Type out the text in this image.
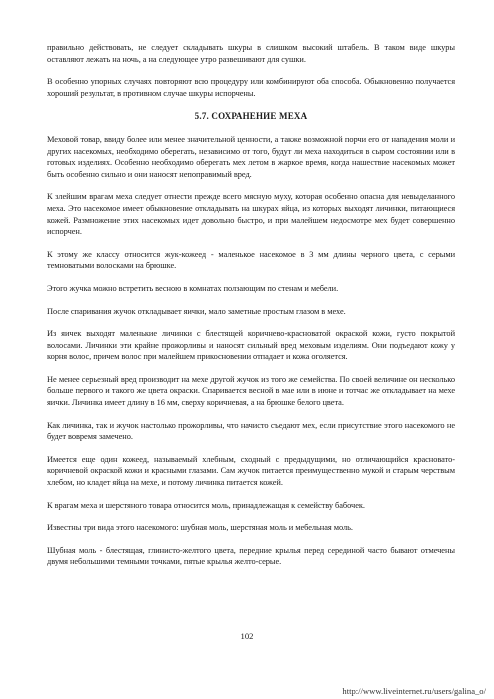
правильно действовать, не следует складывать шкуры в слишком высокий штабель. В таком виде шкуры оставляют лежать на ночь, а на следующее утро развешивают для сушки.

В особенно упорных случаях повторяют всю процедуру или комбинируют оба способа. Обыкновенно получается хороший результат, в противном случае шкуры испорчены.

5.7. СОХРАНЕНИЕ МЕХА

Меховой товар, ввиду более или менее значительной ценности, а также возможной порчи его от нападения моли и других насекомых, необходимо оберегать, независимо от того, будут ли меха находиться в сыром состоянии или в готовых изделиях. Особенно необходимо оберегать мех летом в жаркое время, когда нашествие насекомых может быть особенно сильно и они наносят непоправимый вред.

К злейшим врагам меха следует отнести прежде всего мясную муху, которая особенно опасна для невыделанного меха. Это насекомое имеет обыкновение откладывать на шкурах яйца, из которых выходят личинки, питающиеся кожей. Размножение этих насекомых идет довольно быстро, и при малейшем недосмотре мех будет совершенно испорчен.

К этому же классу относится жук-кожеед - маленькое насекомое в 3 мм длины черного цвета, с серыми темноватыми волосками на брюшке.

Этого жучка можно встретить весною в комнатах ползающим по стенам и мебели.

После спаривания жучок откладывает яички, мало заметные простым глазом в мехе.

Из яичек выходят маленькие личинки с блестящей коричнево-красноватой окраской кожи, густо покрытой волосами. Личинки эти крайне прожорливы и наносят сильный вред меховым изделиям. Они подъедают кожу у корня волос, причем волос при малейшем прикосновении отпадает и кожа оголяется.

Не менее серьезный вред производит на мехе другой жучок из того же семейства. По своей величине он несколько больше первого и такого же цвета окраски. Спаривается весной в мае или в июне и тотчас же откладывает на мехе яички. Личинка имеет длину в 16 мм, сверху коричневая, а на брюшке белого цвета.

Как личинка, так и жучок настолько прожорливы, что начисто съедают мех, если присутствие этого насекомого не будет вовремя замечено.

Имеется еще один кожеед, называемый хлебным, сходный с предыдущими, но отличающийся красновато-коричневой окраской кожи и красными глазами. Сам жучок питается преимущественно мукой и старым черствым хлебом, но кладет яйца на мехе, и потому личинка питается кожей.

К врагам меха и шерстяного товара относится моль, принадлежащая к семейству бабочек.

Известны три вида этого насекомого: шубная моль, шерстяная моль и мебельная моль.

Шубная моль - блестящая, глинисто-желтого цвета, передние крылья перед серединой часто бывают отмечены двумя небольшими темными точками, пятые крылья желто-серые.

102
http://www.liveinternet.ru/users/galina_o/
